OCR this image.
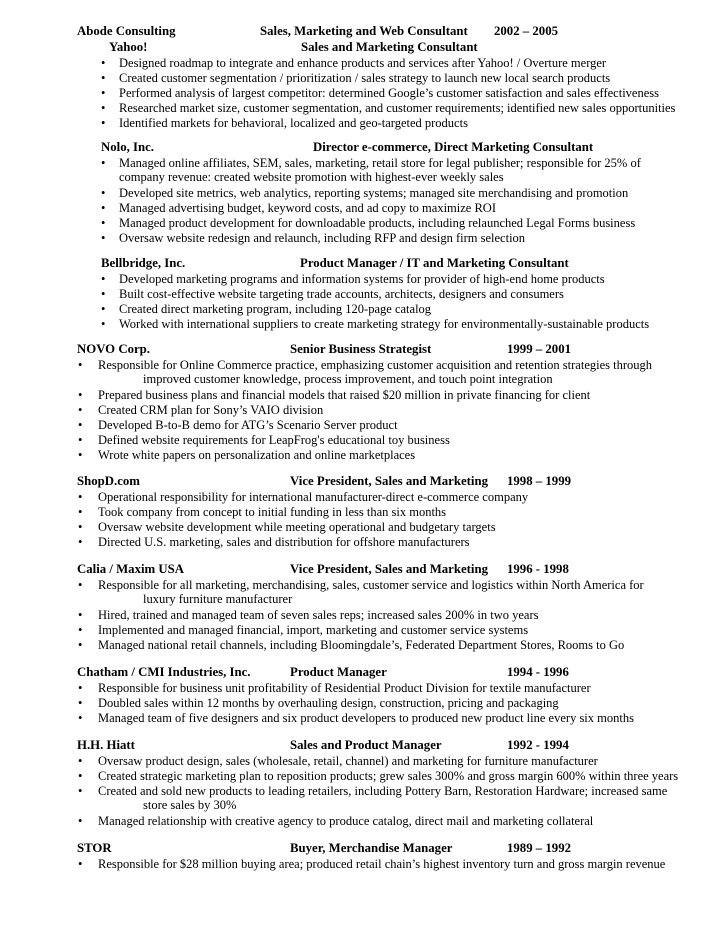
Abode Consulting	Sales, Marketing and Web Consultant 2002 – 2005
Yahoo!	Sales and Marketing Consultant
• Designed roadmap to integrate and enhance products and services after Yahoo! / Overture merger
• Created customer segmentation / prioritization / sales strategy to launch new local search products
• Performed analysis of largest competitor: determined Google’s customer satisfaction and sales effectiveness
• Researched market size, customer segmentation, and customer requirements; identified new sales opportunities
• Identified markets for behavioral, localized and geo-targeted products
Nolo, Inc.	Director e-commerce, Direct Marketing Consultant
• Managed online affiliates, SEM, sales, marketing, retail store for legal publisher; responsible for 25% of
company revenue: created website promotion with highest-ever weekly sales
• Developed site metrics, web analytics, reporting systems; managed site merchandising and promotion
• Managed advertising budget, keyword costs, and ad copy to maximize ROI
• Managed product development for downloadable products, including relaunched Legal Forms business
• Oversaw website redesign and relaunch, including RFP and design firm selection
Bellbridge, Inc.	Product Manager / IT and Marketing Consultant
• Developed marketing programs and information systems for provider of high-end home products
• Built cost-effective website targeting trade accounts, architects, designers and consumers
• Created direct marketing program, including 120-page catalog
• Worked with international suppliers to create marketing strategy for environmentally-sustainable products
NOVO Corp.	Senior Business Strategist	1999 – 2001
• Responsible for Online Commerce practice, emphasizing customer acquisition and retention strategies through
improved customer knowledge, process improvement, and touch point integration
• Prepared business plans and financial models that raised $20 million in private financing for client
• Created CRM plan for Sony’s VAIO division
• Developed B-to-B demo for ATG’s Scenario Server product
• Defined website requirements for LeapFrog's educational toy business
• Wrote white papers on personalization and online marketplaces
ShopD.com	Vice President, Sales and Marketing 1998 – 1999
• Operational responsibility for international manufacturer-direct e-commerce company
• Took company from concept to initial funding in less than six months
• Oversaw website development while meeting operational and budgetary targets
• Directed U.S. marketing, sales and distribution for offshore manufacturers
Calia / Maxim USA	Vice President, Sales and Marketing 1996 - 1998
• Responsible for all marketing, merchandising, sales, customer service and logistics within North America for
luxury furniture manufacturer
• Hired, trained and managed team of seven sales reps; increased sales 200% in two years
• Implemented and managed financial, import, marketing and customer service systems
• Managed national retail channels, including Bloomingdale’s, Federated Department Stores, Rooms to Go
Chatham / CMI Industries, Inc.	Product Manager	1994 - 1996
• Responsible for business unit profitability of Residential Product Division for textile manufacturer
• Doubled sales within 12 months by overhauling design, construction, pricing and packaging
• Managed team of five designers and six product developers to produced new product line every six months
H.H. Hiatt	Sales and Product Manager	1992 - 1994
• Oversaw product design, sales (wholesale, retail, channel) and marketing for furniture manufacturer
• Created strategic marketing plan to reposition products; grew sales 300% and gross margin 600% within three years
• Created and sold new products to leading retailers, including Pottery Barn, Restoration Hardware; increased same
store sales by 30%
• Managed relationship with creative agency to produce catalog, direct mail and marketing collateral
STOR	Buyer, Merchandise Manager	1989 – 1992
• Responsible for $28 million buying area; produced retail chain’s highest inventory turn and gross margin revenue
